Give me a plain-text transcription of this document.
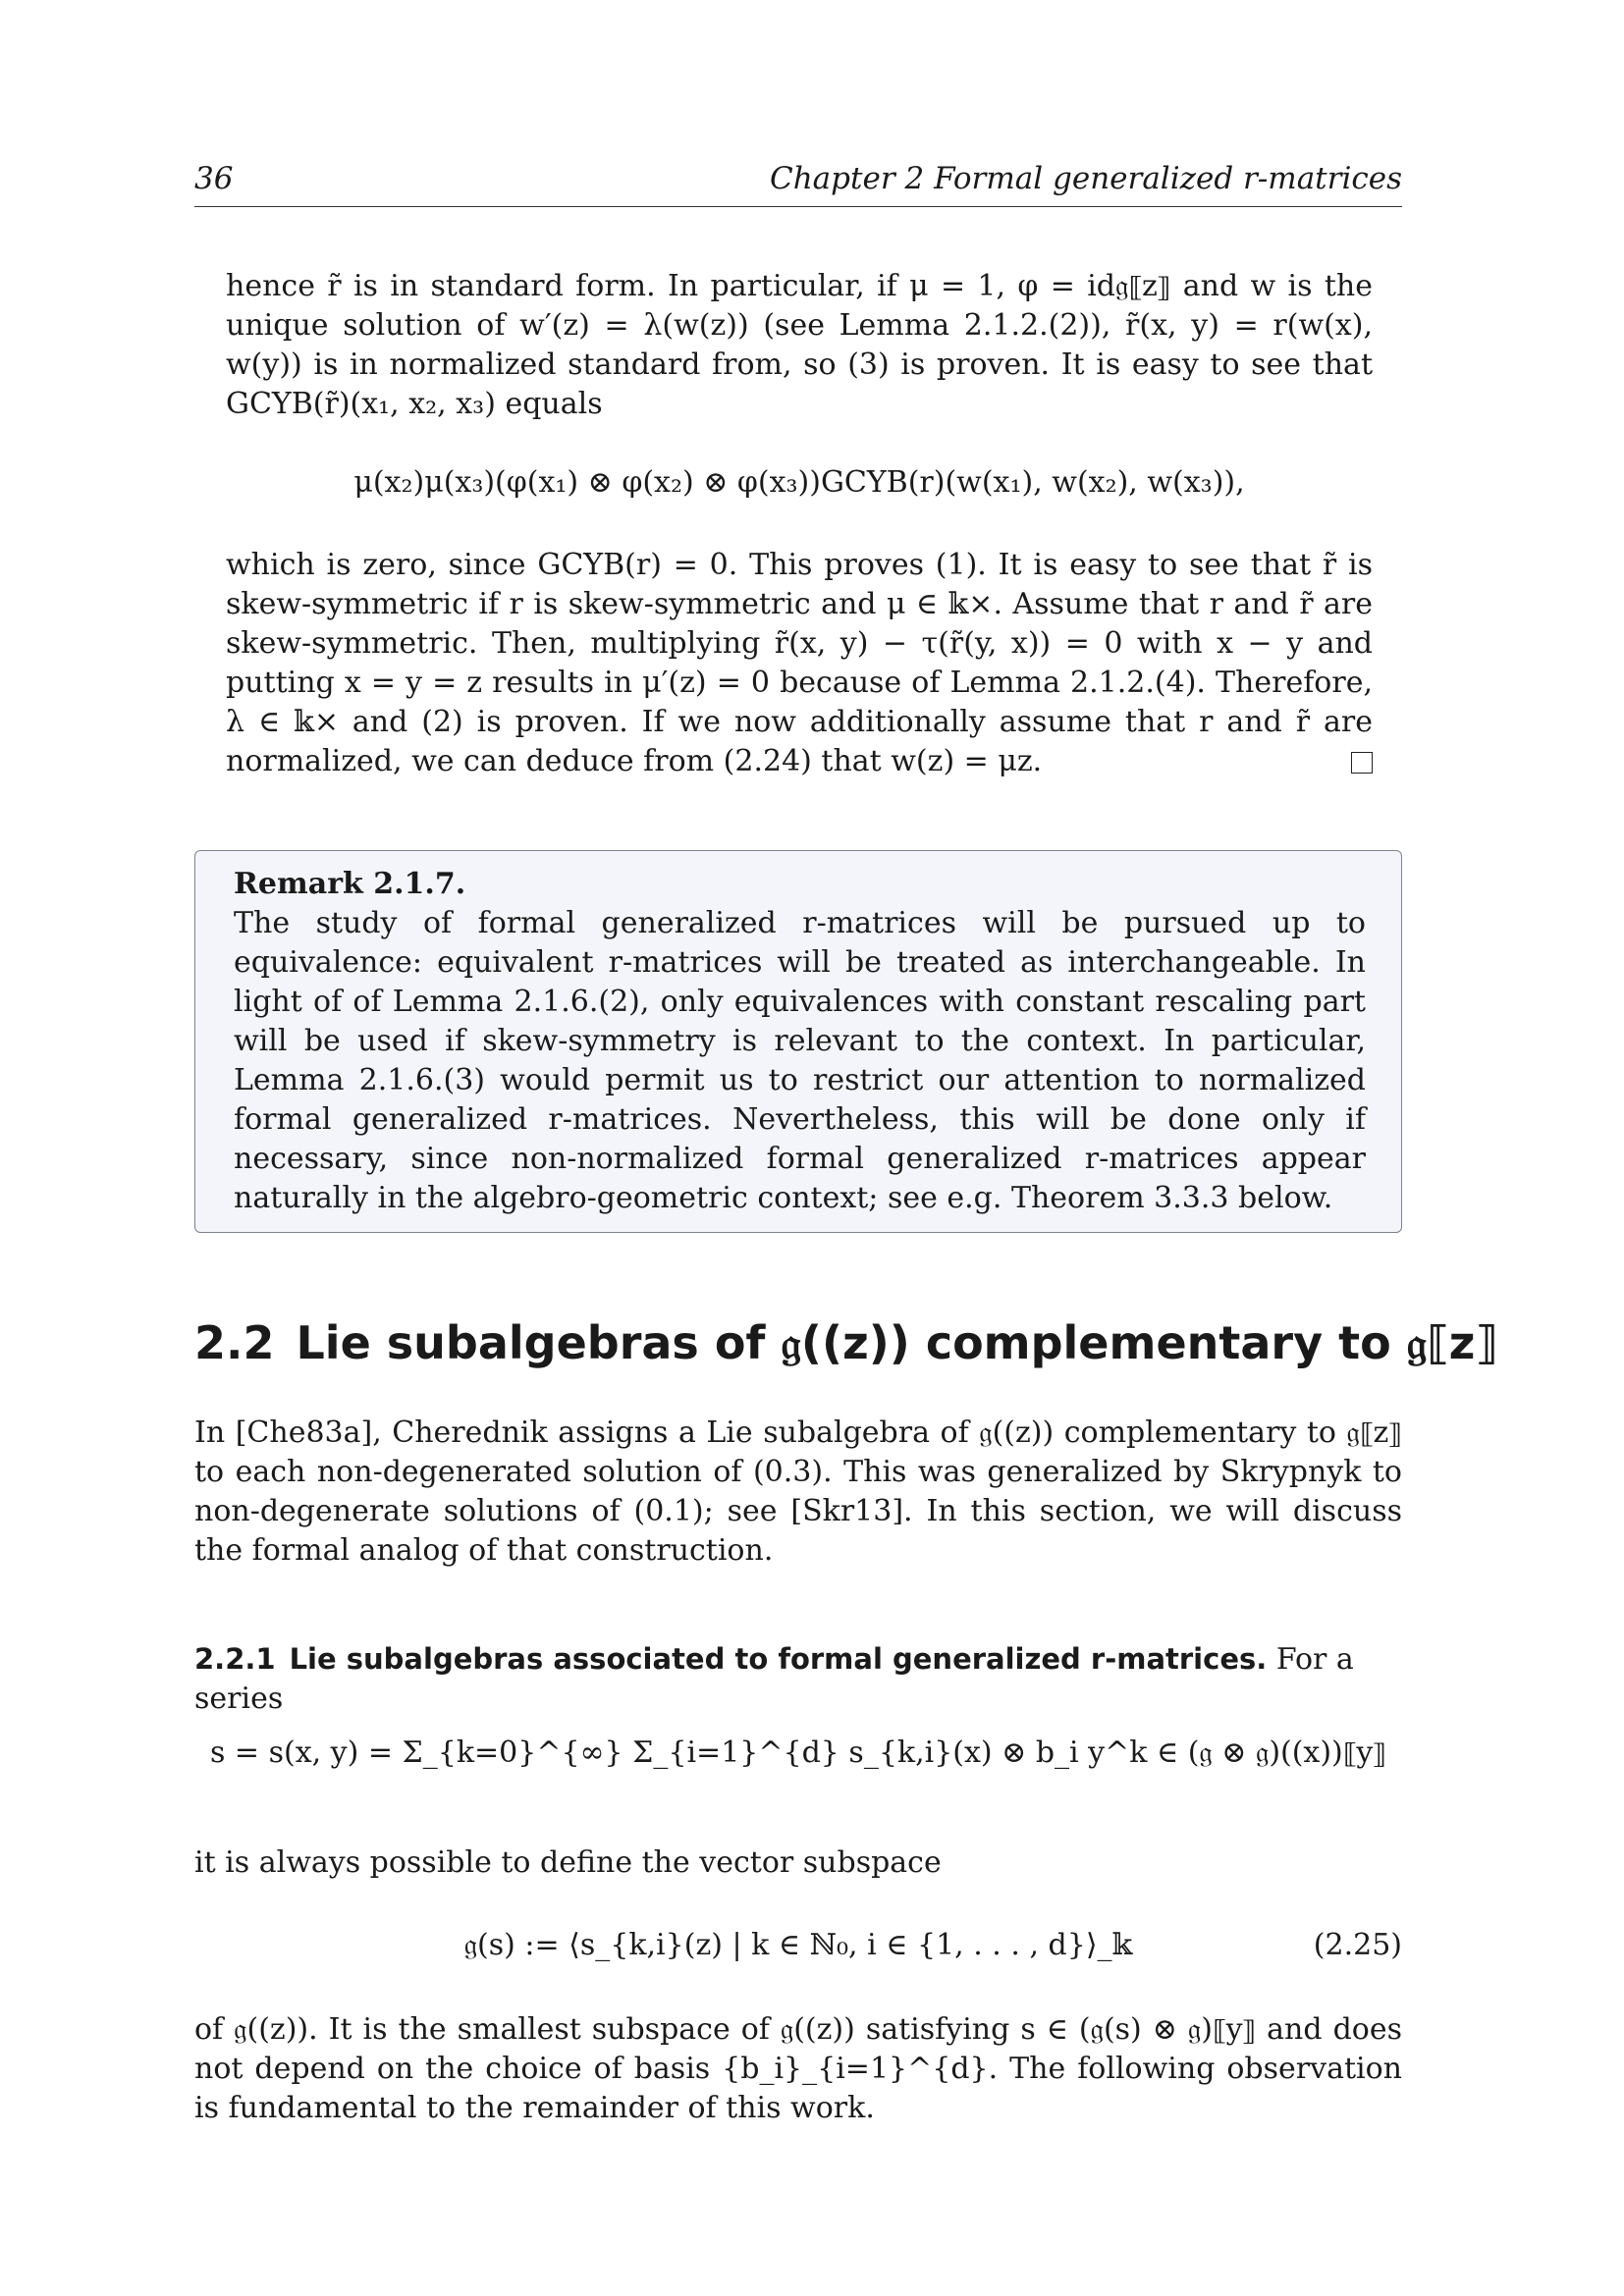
36	Chapter 2 Formal generalized r-matrices
hence r̃ is in standard form. In particular, if μ = 1, φ = id𝔤⟦z⟧ and w is the unique solution of w′(z) = λ(w(z)) (see Lemma 2.1.2.(2)), r̃(x, y) = r(w(x), w(y)) is in normalized standard from, so (3) is proven. It is easy to see that GCYB(r̃)(x₁, x₂, x₃) equals
μ(x₂)μ(x₃)(φ(x₁) ⊗ φ(x₂) ⊗ φ(x₃))GCYB(r)(w(x₁), w(x₂), w(x₃)),
which is zero, since GCYB(r) = 0. This proves (1). It is easy to see that r̃ is skew-symmetric if r is skew-symmetric and μ ∈ 𝕜×. Assume that r and r̃ are skew-symmetric. Then, multiplying r̃(x, y) − τ(r̃(y, x)) = 0 with x − y and putting x = y = z results in μ′(z) = 0 because of Lemma 2.1.2.(4). Therefore, λ ∈ 𝕜× and (2) is proven. If we now additionally assume that r and r̃ are normalized, we can deduce from (2.24) that w(z) = μz.
Remark 2.1.7.
The study of formal generalized r-matrices will be pursued up to equivalence: equivalent r-matrices will be treated as interchangeable. In light of of Lemma 2.1.6.(2), only equivalences with constant rescaling part will be used if skew-symmetry is relevant to the context. In particular, Lemma 2.1.6.(3) would permit us to restrict our attention to normalized formal generalized r-matrices. Nevertheless, this will be done only if necessary, since non-normalized formal generalized r-matrices appear naturally in the algebro-geometric context; see e.g. Theorem 3.3.3 below.
2.2 Lie subalgebras of 𝔤((z)) complementary to 𝔤⟦z⟧
In [Che83a], Cherednik assigns a Lie subalgebra of 𝔤((z)) complementary to 𝔤⟦z⟧ to each non-degenerated solution of (0.3). This was generalized by Skrypnyk to non-degenerate solutions of (0.1); see [Skr13]. In this section, we will discuss the formal analog of that construction.
2.2.1 Lie subalgebras associated to formal generalized r-matrices. For a series
s = s(x, y) = Σ_{k=0}^{∞} Σ_{i=1}^{d} s_{k,i}(x) ⊗ b_i y^k ∈ (𝔤 ⊗ 𝔤)((x))⟦y⟧
it is always possible to define the vector subspace
𝔤(s) := ⟨s_{k,i}(z) | k ∈ ℕ₀, i ∈ {1, . . . , d}⟩_𝕜	(2.25)
of 𝔤((z)). It is the smallest subspace of 𝔤((z)) satisfying s ∈ (𝔤(s) ⊗ 𝔤)⟦y⟧ and does not depend on the choice of basis {b_i}_{i=1}^{d}. The following observation is fundamental to the remainder of this work.
